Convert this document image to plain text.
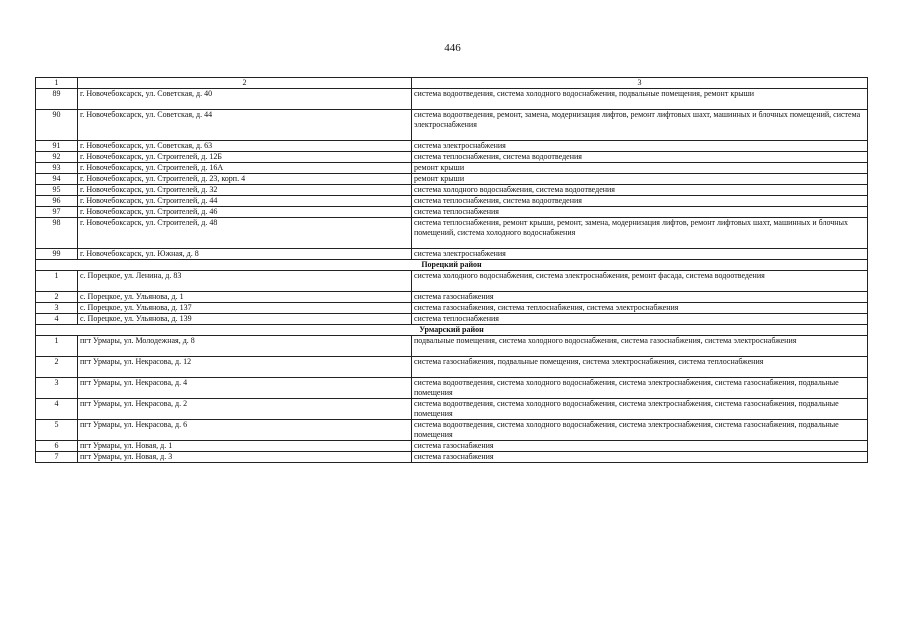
446
1	2	3
89	г. Новочебоксарск, ул. Советская, д. 40	система водоотведения, система холодного водоснабжения, подвальные помещения, ремонт крыши
90	г. Новочебоксарск, ул. Советская, д. 44	система водоотведения, ремонт, замена, модернизация лифтов, ремонт лифтовых шахт, машинных и блочных помещений, система электроснабжения
91	г. Новочебоксарск, ул. Советская, д. 63	система электроснабжения
92	г. Новочебоксарск, ул. Строителей, д. 12Б	система теплоснабжения, система водоотведения
93	г. Новочебоксарск, ул. Строителей, д. 16А	ремонт крыши
94	г. Новочебоксарск, ул. Строителей, д. 23, корп. 4	ремонт крыши
95	г. Новочебоксарск, ул. Строителей, д. 32	система холодного водоснабжения, система водоотведения
96	г. Новочебоксарск, ул. Строителей, д. 44	система теплоснабжения, система водоотведения
97	г. Новочебоксарск, ул. Строителей, д. 46	система теплоснабжения
98	г. Новочебоксарск, ул. Строителей, д. 48	система теплоснабжения, ремонт крыши, ремонт, замена, модернизация лифтов, ремонт лифтовых шахт, машинных и блочных помещений, система холодного водоснабжения
99	г. Новочебоксарск, ул. Южная, д. 8	система электроснабжения
Порецкий район		
1	с. Порецкое, ул. Ленина, д. 83	система холодного водоснабжения, система электроснабжения, ремонт фасада, система водоотведения
2	с. Порецкое, ул. Ульянова, д. 1	система газоснабжения
3	с. Порецкое, ул. Ульянова, д. 137	система газоснабжения, система теплоснабжения, система электроснабжения
4	с. Порецкое, ул. Ульянова, д. 139	система теплоснабжения
Урмарский район		
1	пгт Урмары, ул. Молодежная, д. 8	подвальные помещения, система холодного водоснабжения, система газоснабжения, система электроснабжения
2	пгт Урмары, ул. Некрасова, д. 12	система газоснабжения, подвальные помещения, система электроснабжения, система теплоснабжения
3	пгт Урмары, ул. Некрасова, д. 4	система водоотведения, система холодного водоснабжения, система электроснабжения, система газоснабжения, подвальные помещения
4	пгт Урмары, ул. Некрасова, д. 2	система водоотведения, система холодного водоснабжения, система электроснабжения, система газоснабжения, подвальные помещения
5	пгт Урмары, ул. Некрасова, д. 6	система водоотведения, система холодного водоснабжения, система электроснабжения, система газоснабжения, подвальные помещения
6	пгт Урмары, ул. Новая, д. 1	система газоснабжения
7	пгт Урмары, ул. Новая, д. 3	система газоснабжения
